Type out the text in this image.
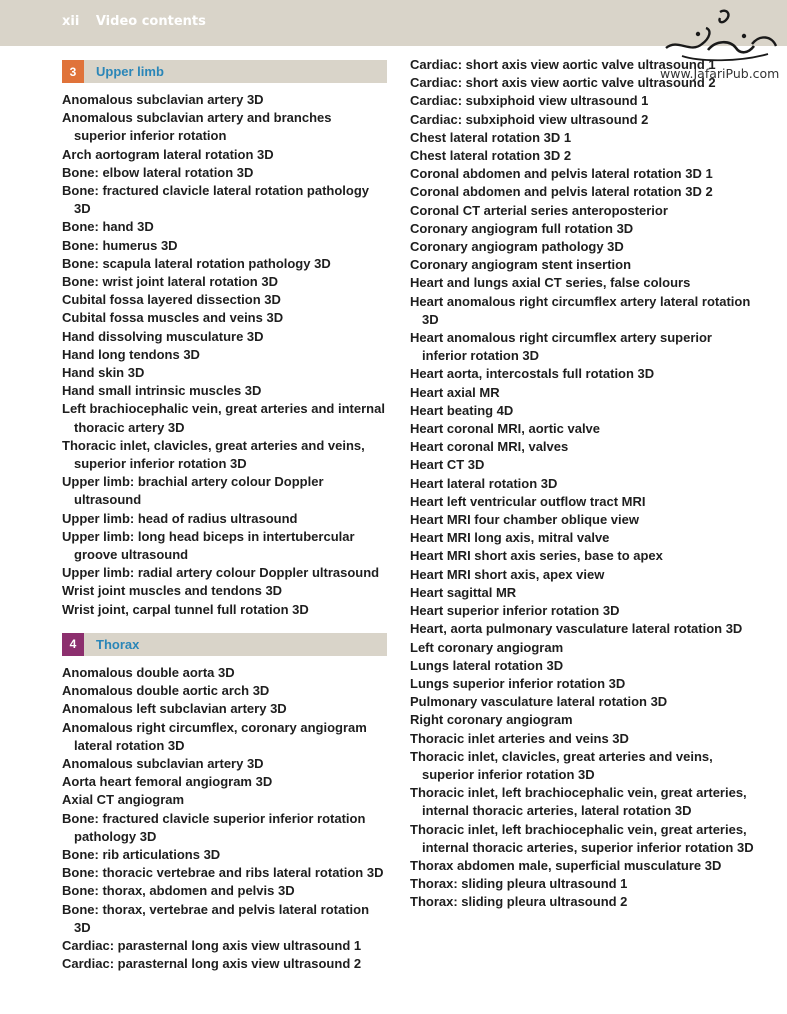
xii Video contents
www.JafariPub.com
3	Upper limb
Anomalous subclavian artery 3D
Anomalous subclavian artery and branches superior inferior rotation
Arch aortogram lateral rotation 3D
Bone: elbow lateral rotation 3D
Bone: fractured clavicle lateral rotation pathology 3D
Bone: hand 3D
Bone: humerus 3D
Bone: scapula lateral rotation pathology 3D
Bone: wrist joint lateral rotation 3D
Cubital fossa layered dissection 3D
Cubital fossa muscles and veins 3D
Hand dissolving musculature 3D
Hand long tendons 3D
Hand skin 3D
Hand small intrinsic muscles 3D
Left brachiocephalic vein, great arteries and internal thoracic artery 3D
Thoracic inlet, clavicles, great arteries and veins, superior inferior rotation 3D
Upper limb: brachial artery colour Doppler ultrasound
Upper limb: head of radius ultrasound
Upper limb: long head biceps in intertubercular groove ultrasound
Upper limb: radial artery colour Doppler ultrasound
Wrist joint muscles and tendons 3D
Wrist joint, carpal tunnel full rotation 3D
4	Thorax
Anomalous double aorta 3D
Anomalous double aortic arch 3D
Anomalous left subclavian artery 3D
Anomalous right circumflex, coronary angiogram lateral rotation 3D
Anomalous subclavian artery 3D
Aorta heart femoral angiogram 3D
Axial CT angiogram
Bone: fractured clavicle superior inferior rotation pathology 3D
Bone: rib articulations 3D
Bone: thoracic vertebrae and ribs lateral rotation 3D
Bone: thorax, abdomen and pelvis 3D
Bone: thorax, vertebrae and pelvis lateral rotation 3D
Cardiac: parasternal long axis view ultrasound 1
Cardiac: parasternal long axis view ultrasound 2
Cardiac: short axis view aortic valve ultrasound 1
Cardiac: short axis view aortic valve ultrasound 2
Cardiac: subxiphoid view ultrasound 1
Cardiac: subxiphoid view ultrasound 2
Chest lateral rotation 3D 1
Chest lateral rotation 3D 2
Coronal abdomen and pelvis lateral rotation 3D 1
Coronal abdomen and pelvis lateral rotation 3D 2
Coronal CT arterial series anteroposterior
Coronary angiogram full rotation 3D
Coronary angiogram pathology 3D
Coronary angiogram stent insertion
Heart and lungs axial CT series, false colours
Heart anomalous right circumflex artery lateral rotation 3D
Heart anomalous right circumflex artery superior inferior rotation 3D
Heart aorta, intercostals full rotation 3D
Heart axial MR
Heart beating 4D
Heart coronal MRI, aortic valve
Heart coronal MRI, valves
Heart CT 3D
Heart lateral rotation 3D
Heart left ventricular outflow tract MRI
Heart MRI four chamber oblique view
Heart MRI long axis, mitral valve
Heart MRI short axis series, base to apex
Heart MRI short axis, apex view
Heart sagittal MR
Heart superior inferior rotation 3D
Heart, aorta pulmonary vasculature lateral rotation 3D
Left coronary angiogram
Lungs lateral rotation 3D
Lungs superior inferior rotation 3D
Pulmonary vasculature lateral rotation 3D
Right coronary angiogram
Thoracic inlet arteries and veins 3D
Thoracic inlet, clavicles, great arteries and veins, superior inferior rotation 3D
Thoracic inlet, left brachiocephalic vein, great arteries, internal thoracic arteries, lateral rotation 3D
Thoracic inlet, left brachiocephalic vein, great arteries, internal thoracic arteries, superior inferior rotation 3D
Thorax abdomen male, superficial musculature 3D
Thorax: sliding pleura ultrasound 1
Thorax: sliding pleura ultrasound 2
